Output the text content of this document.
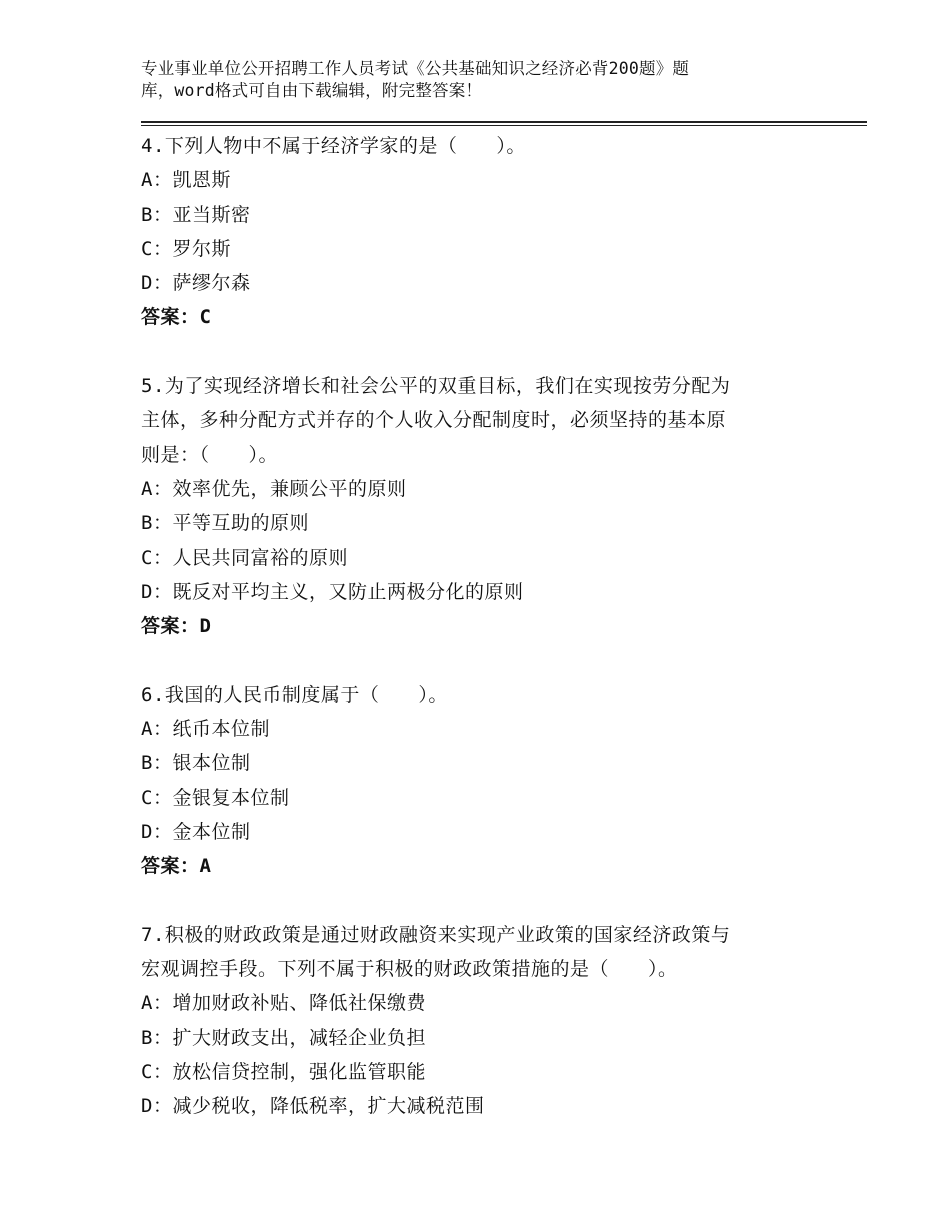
专业事业单位公开招聘工作人员考试《公共基础知识之经济必背200题》题
库，word格式可自由下载编辑，附完整答案！
4.下列人物中不属于经济学家的是（　　）。
A：凯恩斯
B：亚当斯密
C：罗尔斯
D：萨缪尔森
答案：C
5.为了实现经济增长和社会公平的双重目标，我们在实现按劳分配为
主体，多种分配方式并存的个人收入分配制度时，必须坚持的基本原
则是：（　　）。
A：效率优先，兼顾公平的原则
B：平等互助的原则
C：人民共同富裕的原则
D：既反对平均主义，又防止两极分化的原则
答案：D
6.我国的人民币制度属于（　　）。
A：纸币本位制
B：银本位制
C：金银复本位制
D：金本位制
答案：A
7.积极的财政政策是通过财政融资来实现产业政策的国家经济政策与
宏观调控手段。下列不属于积极的财政政策措施的是（　　）。
A：增加财政补贴、降低社保缴费
B：扩大财政支出，减轻企业负担
C：放松信贷控制，强化监管职能
D：减少税收，降低税率，扩大减税范围
